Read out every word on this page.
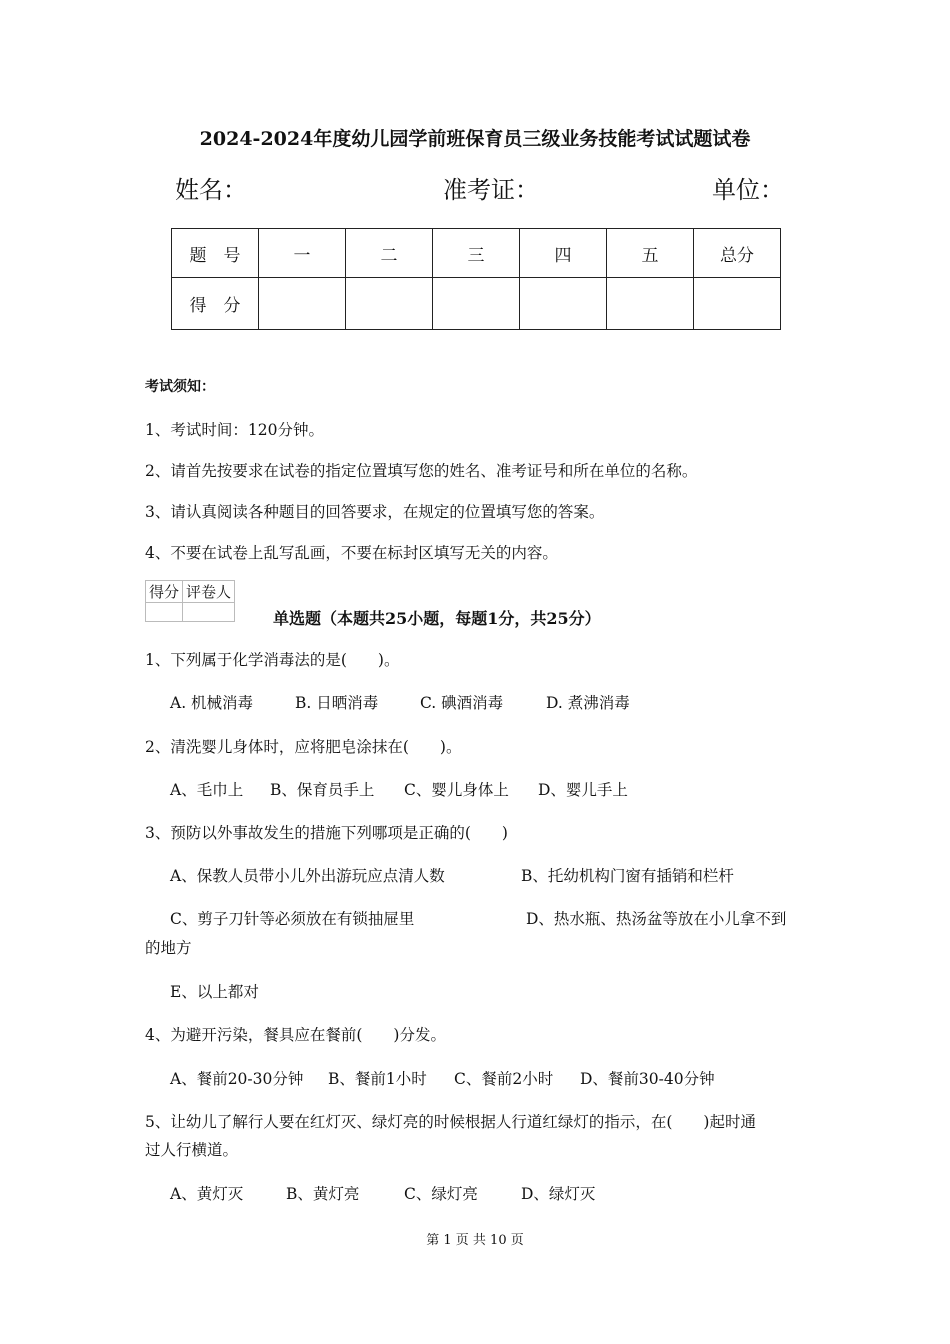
2024-2024年度幼儿园学前班保育员三级业务技能考试试题试卷
姓名：	准考证：	单位：
题　号	一	二	三	四	五	总分
得　分						
考试须知：
1、考试时间：120分钟。
2、请首先按要求在试卷的指定位置填写您的姓名、准考证号和所在单位的名称。
3、请认真阅读各种题目的回答要求，在规定的位置填写您的答案。
4、不要在试卷上乱写乱画，不要在标封区填写无关的内容。
得分	评卷人

单选题（本题共25小题，每题1分，共25分）
1、下列属于化学消毒法的是(　　)。
A. 机械消毒	B. 日晒消毒	C. 碘酒消毒	D. 煮沸消毒
2、清洗婴儿身体时，应将肥皂涂抹在(　　)。
A、毛巾上 B、保育员手上 C、婴儿身体上 D、婴儿手上
3、预防以外事故发生的措施下列哪项是正确的(　　)
A、保教人员带小儿外出游玩应点清人数	B、托幼机构门窗有插销和栏杆
C、剪子刀针等必须放在有锁抽屉里	D、热水瓶、热汤盆等放在小儿拿不到
的地方
E、以上都对
4、为避开污染，餐具应在餐前(　　)分发。
A、餐前20-30分钟 B、餐前1小时 C、餐前2小时 D、餐前30-40分钟
5、让幼儿了解行人要在红灯灭、绿灯亮的时候根据人行道红绿灯的指示，在(　　)起时通
过人行横道。
A、黄灯灭	B、黄灯亮	C、绿灯亮	D、绿灯灭
第 1 页 共 10 页
